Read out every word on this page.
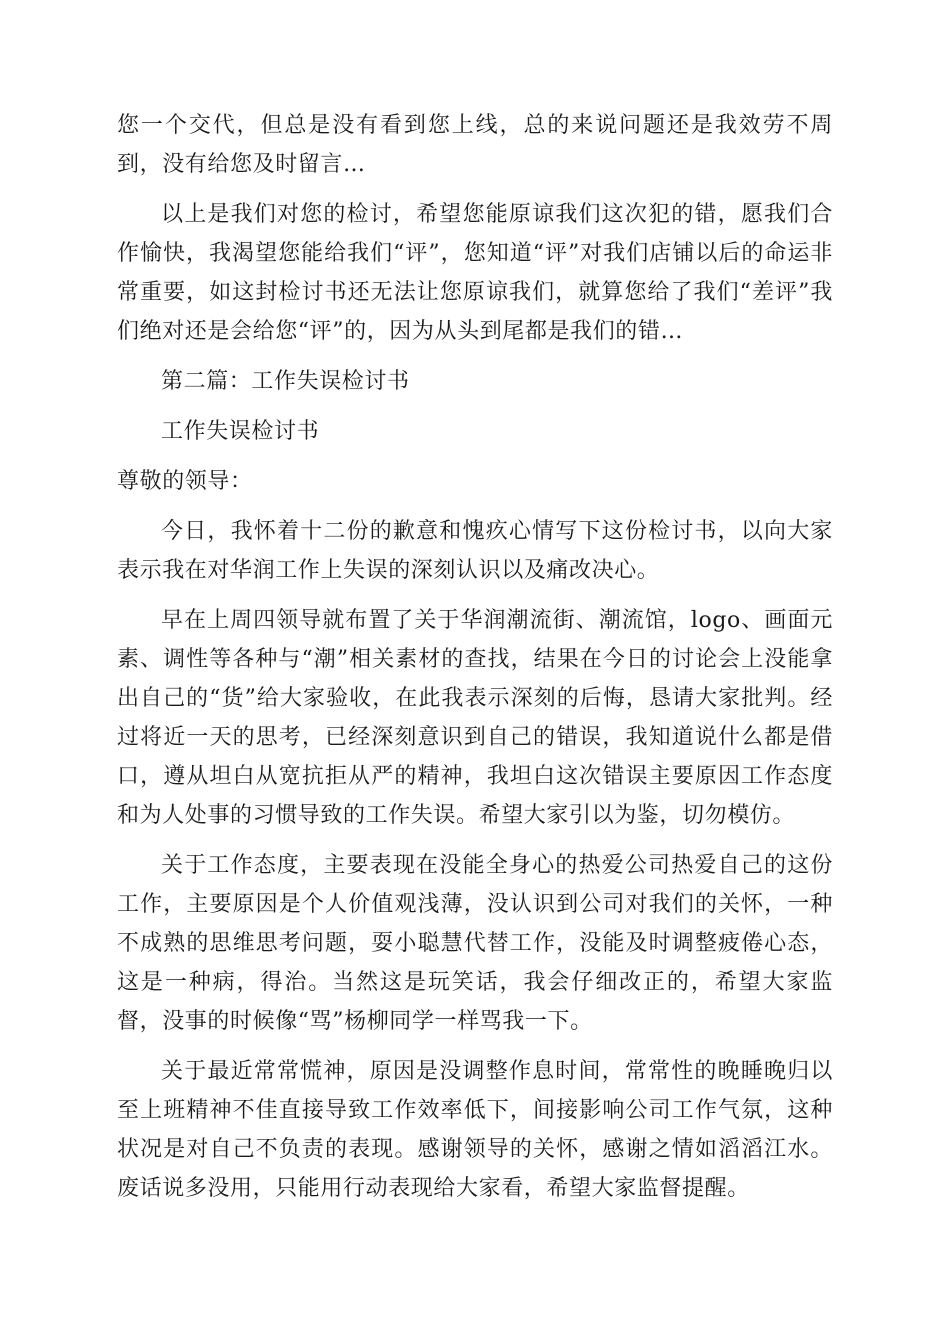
您一个交代，但总是没有看到您上线，总的来说问题还是我效劳不周到，没有给您及时留言…

以上是我们对您的检讨，希望您能原谅我们这次犯的错，愿我们合作愉快，我渴望您能给我们“评”，您知道“评”对我们店铺以后的命运非常重要，如这封检讨书还无法让您原谅我们，就算您给了我们“差评”我们绝对还是会给您“评”的，因为从头到尾都是我们的错…

第二篇：工作失误检讨书

工作失误检讨书

尊敬的领导：

今日，我怀着十二份的歉意和愧疚心情写下这份检讨书，以向大家表示我在对华润工作上失误的深刻认识以及痛改决心。

早在上周四领导就布置了关于华润潮流街、潮流馆，logo、画面元素、调性等各种与“潮”相关素材的查找，结果在今日的讨论会上没能拿出自己的“货”给大家验收，在此我表示深刻的后悔，恳请大家批判。经过将近一天的思考，已经深刻意识到自己的错误，我知道说什么都是借口，遵从坦白从宽抗拒从严的精神，我坦白这次错误主要原因工作态度和为人处事的习惯导致的工作失误。希望大家引以为鉴，切勿模仿。

关于工作态度，主要表现在没能全身心的热爱公司热爱自己的这份工作，主要原因是个人价值观浅薄，没认识到公司对我们的关怀，一种不成熟的思维思考问题，耍小聪慧代替工作，没能及时调整疲倦心态，这是一种病，得治。当然这是玩笑话，我会仔细改正的，希望大家监督，没事的时候像“骂”杨柳同学一样骂我一下。

关于最近常常慌神，原因是没调整作息时间，常常性的晚睡晚归以至上班精神不佳直接导致工作效率低下，间接影响公司工作气氛，这种状况是对自己不负责的表现。感谢领导的关怀，感谢之情如滔滔江水。废话说多没用，只能用行动表现给大家看，希望大家监督提醒。
